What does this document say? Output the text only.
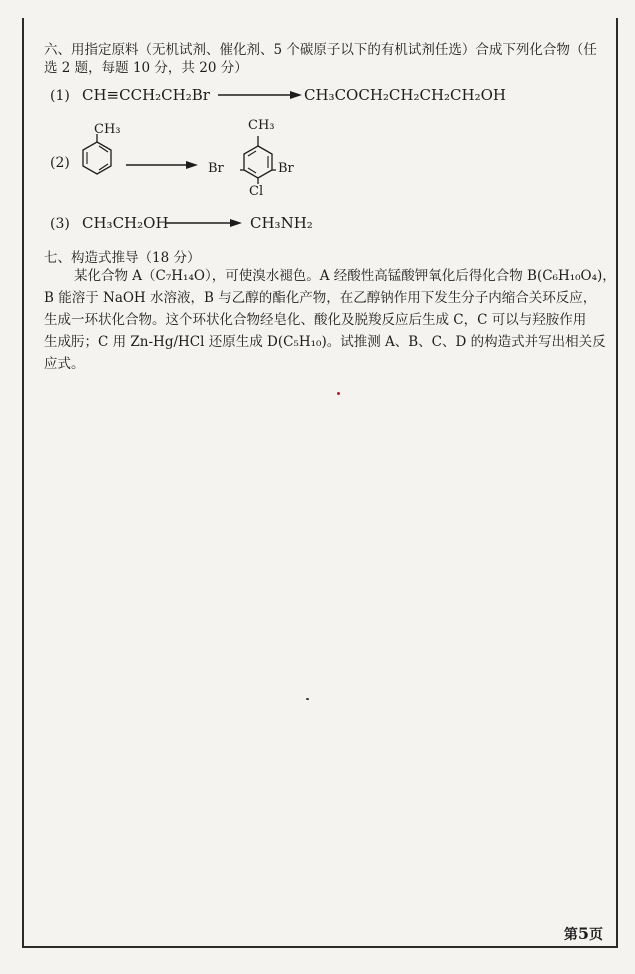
六、用指定原料（无机试剂、催化剂、5 个碳原子以下的有机试剂任选）合成下列化合物（任
选 2 题，每题 10 分，共 20 分）
(1) CH≡CCH₂CH₂Br	CH₃COCH₂CH₂CH₂CH₂OH
(2)
CH₃	CH₃
Br	Br
Cl
(3) CH₃CH₂OH	CH₃NH₂
七、构造式推导（18 分）
某化合物 A（C₇H₁₄O），可使溴水褪色。A 经酸性高锰酸钾氧化后得化合物 B(C₆H₁₀O₄)，
B 能溶于 NaOH 水溶液，B 与乙醇的酯化产物，在乙醇钠作用下发生分子内缩合关环反应，
生成一环状化合物。这个环状化合物经皂化、酸化及脱羧反应后生成 C，C 可以与羟胺作用
生成肟；C 用 Zn-Hg/HCl 还原生成 D(C₅H₁₀)。试推测 A、B、C、D 的构造式并写出相关反
应式。
第5页
